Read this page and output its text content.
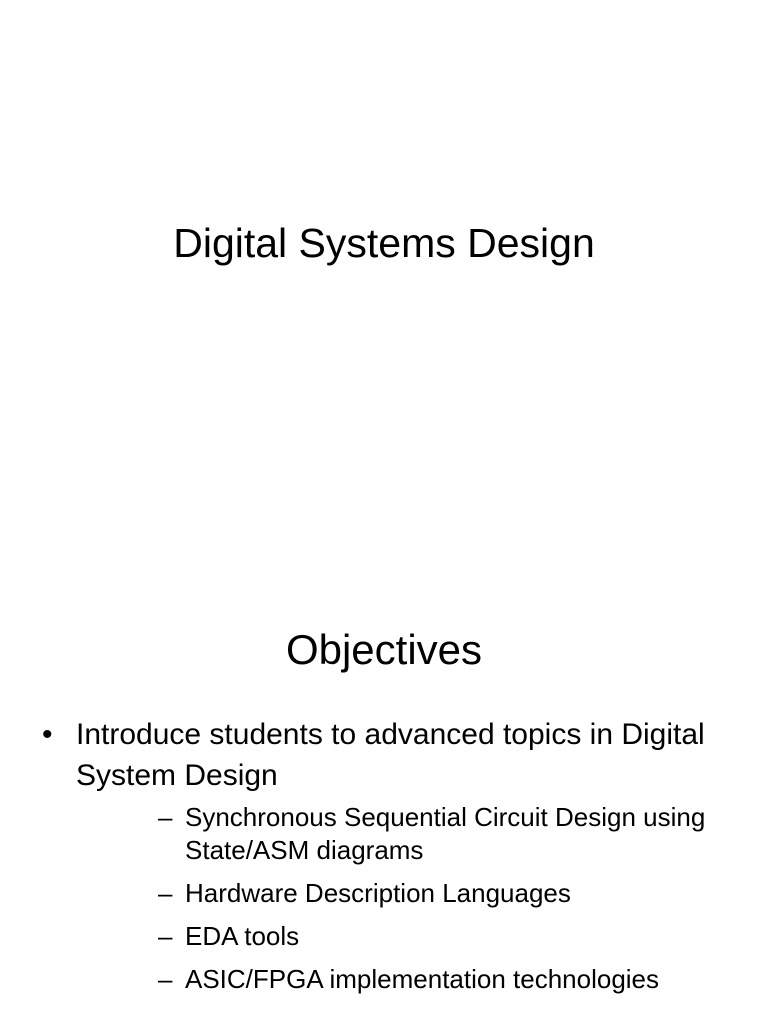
Digital Systems Design
Objectives
• Introduce students to advanced topics in Digital System Design
– Synchronous Sequential Circuit Design using State/ASM diagrams
– Hardware Description Languages
– EDA tools
– ASIC/FPGA implementation technologies
